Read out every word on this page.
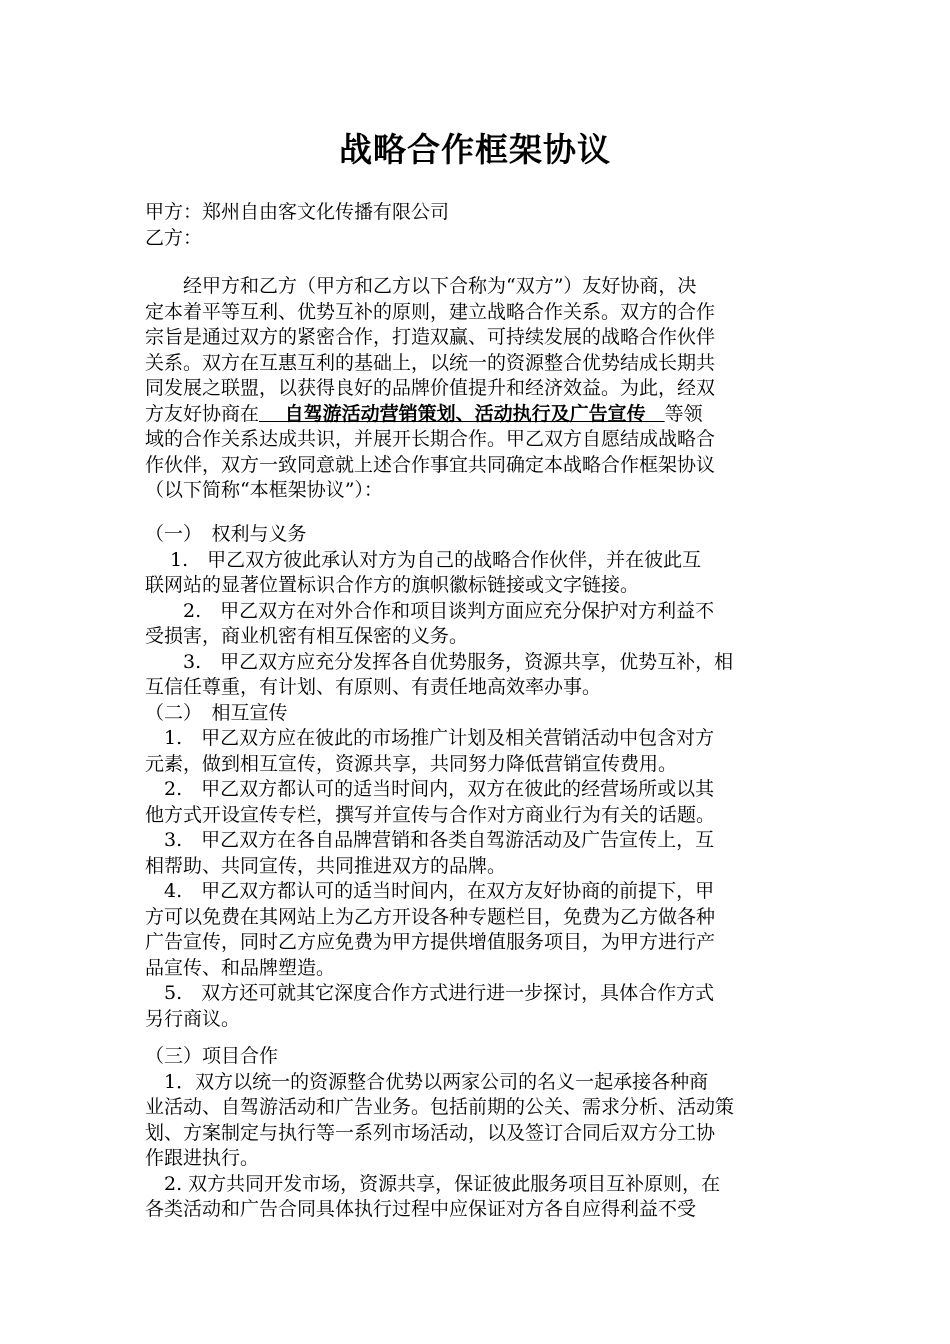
战略合作框架协议

甲方：郑州自由客文化传播有限公司

乙方：

　　经甲方和乙方（甲方和乙方以下合称为“双方”）友好协商，决

定本着平等互利、优势互补的原则，建立战略合作关系。双方的合作

宗旨是通过双方的紧密合作，打造双赢、可持续发展的战略合作伙伴

关系。双方在互惠互利的基础上，以统一的资源整合优势结成长期共

同发展之联盟，以获得良好的品牌价值提升和经济效益。为此，经双

方友好协商在　 自驾游活动营销策划、活动执行及广告宣传　等领

域的合作关系达成共识，并展开长期合作。甲乙双方自愿结成战略合

作伙伴，双方一致同意就上述合作事宜共同确定本战略合作框架协议

（以下简称“本框架协议”）：

（一）　权利与义务

　 1.　甲乙双方彼此承认对方为自己的战略合作伙伴，并在彼此互

联网站的显著位置标识合作方的旗帜徽标链接或文字链接。

　　2.　甲乙双方在对外合作和项目谈判方面应充分保护对方利益不

受损害，商业机密有相互保密的义务。

　　3.　甲乙双方应充分发挥各自优势服务，资源共享，优势互补，相

互信任尊重，有计划、有原则、有责任地高效率办事。

（二）　相互宣传

　1.　甲乙双方应在彼此的市场推广计划及相关营销活动中包含对方

元素，做到相互宣传，资源共享，共同努力降低营销宣传费用。

　2.　甲乙双方都认可的适当时间内，双方在彼此的经营场所或以其

他方式开设宣传专栏，撰写并宣传与合作对方商业行为有关的话题。

　3.　甲乙双方在各自品牌营销和各类自驾游活动及广告宣传上，互

相帮助、共同宣传，共同推进双方的品牌。

　4.　甲乙双方都认可的适当时间内，在双方友好协商的前提下，甲

方可以免费在其网站上为乙方开设各种专题栏目，免费为乙方做各种

广告宣传，同时乙方应免费为甲方提供增值服务项目，为甲方进行产

品宣传、和品牌塑造。

　5.　双方还可就其它深度合作方式进行进一步探讨，具体合作方式

另行商议。

（三）项目合作

　1．双方以统一的资源整合优势以两家公司的名义一起承接各种商

业活动、自驾游活动和广告业务。包括前期的公关、需求分析、活动策

划、方案制定与执行等一系列市场活动，以及签订合同后双方分工协

作跟进执行。

　2. 双方共同开发市场，资源共享，保证彼此服务项目互补原则，在

各类活动和广告合同具体执行过程中应保证对方各自应得利益不受
